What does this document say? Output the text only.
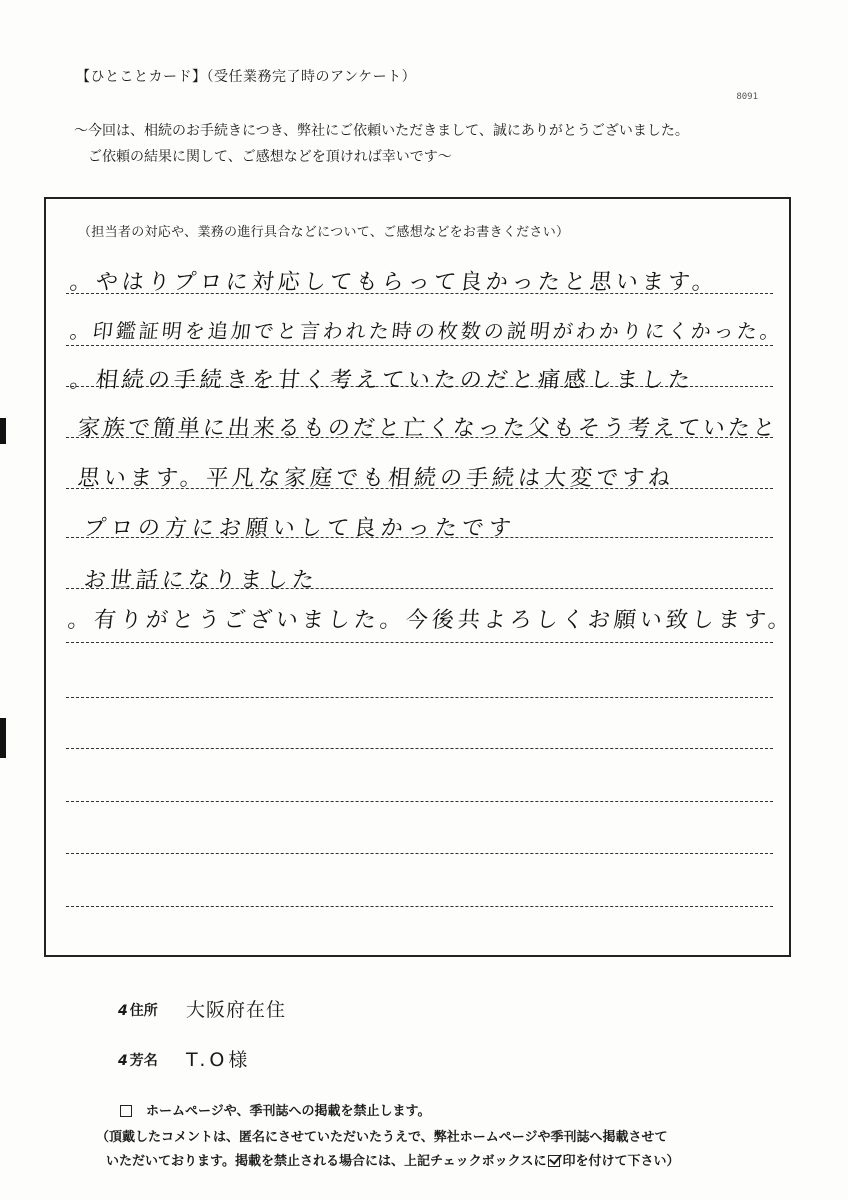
【ひとことカード】（受任業務完了時のアンケート）
8091
〜今回は、相続のお手続きにつき、弊社にご依頼いただきまして、誠にありがとうございました。
ご依頼の結果に関して、ご感想などを頂ければ幸いです〜
（担当者の対応や、業務の進行具合などについて、ご感想などをお書きください）
。やはりプロに対応してもらって良かったと思います。
。印鑑証明を追加でと言われた時の枚数の説明がわかりにくかった。
。相続の手続きを甘く考えていたのだと痛感しました
家族で簡単に出来るものだと亡くなった父もそう考えていたと
思います。平凡な家庭でも相続の手続は大変ですね
プロの方にお願いして良かったです
お世話になりました
。有りがとうございました。今後共よろしくお願い致します。
4 住所 大阪府在住
4 芳名 T.O様
ホームページや、季刊誌への掲載を禁止します。
（頂戴したコメントは、匿名にさせていただいたうえで、弊社ホームページや季刊誌へ掲載させて
いただいております。掲載を禁止される場合には、上記チェックボックスに 印を付けて下さい）
